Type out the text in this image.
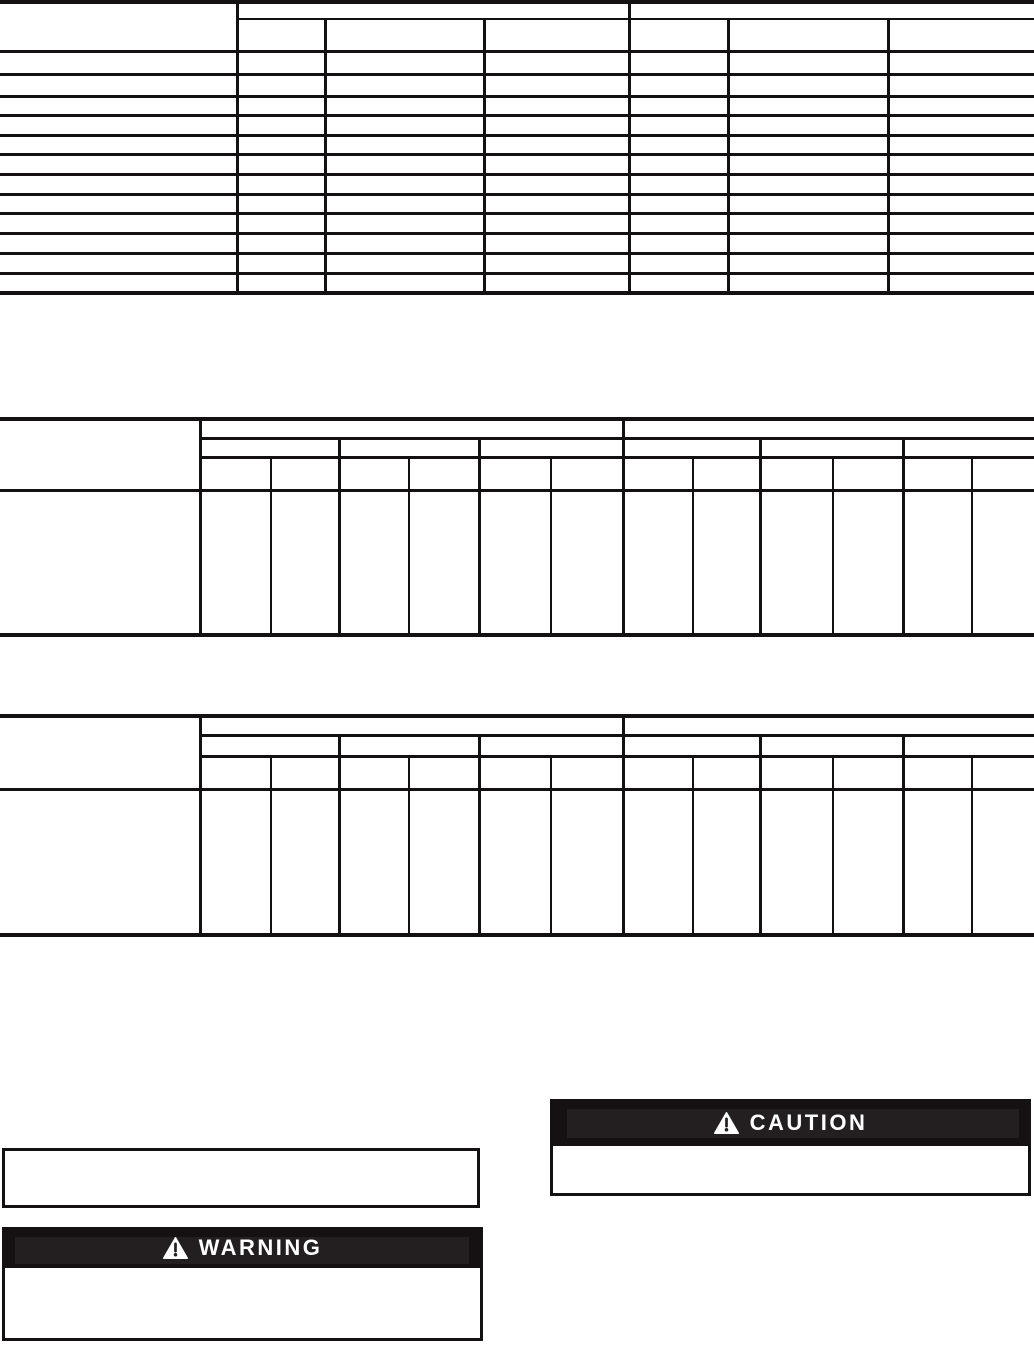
CAUTION
WARNING
